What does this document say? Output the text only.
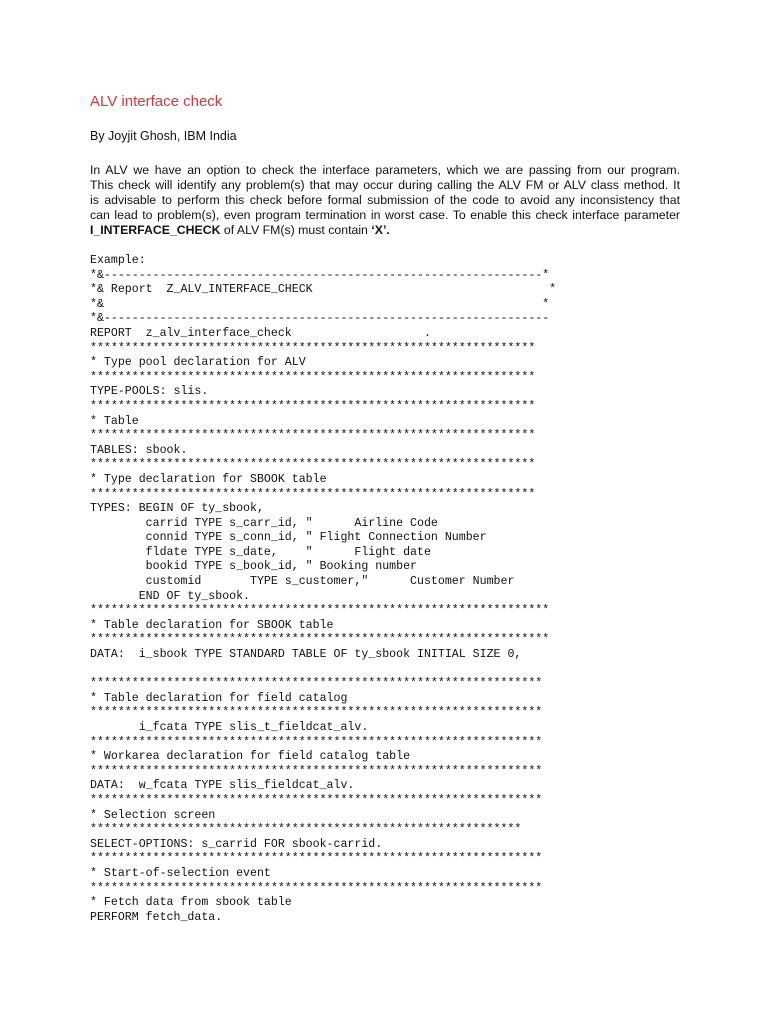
ALV interface check
By Joyjit Ghosh, IBM India
In ALV we have an option to check the interface parameters, which we are passing from our program.
This check will identify any problem(s) that may occur during calling the ALV FM or ALV class method. It
is advisable to perform this check before formal submission of the code to avoid any inconsistency that
can lead to problem(s), even program termination in worst case. To enable this check interface parameter
I_INTERFACE_CHECK of ALV FM(s) must contain ‘X’.
Example:
*&---------------------------------------------------------------*
*& Report  Z_ALV_INTERFACE_CHECK                                  *
*&                                                               *
*&----------------------------------------------------------------
REPORT  z_alv_interface_check                   .
****************************************************************
* Type pool declaration for ALV
****************************************************************
TYPE-POOLS: slis.
****************************************************************
* Table
****************************************************************
TABLES: sbook.
****************************************************************
* Type declaration for SBOOK table
****************************************************************
TYPES: BEGIN OF ty_sbook,
carrid TYPE s_carr_id, "      Airline Code
connid TYPE s_conn_id, " Flight Connection Number
fldate TYPE s_date,    "      Flight date
bookid TYPE s_book_id, " Booking number
customid       TYPE s_customer,"      Customer Number
END OF ty_sbook.
******************************************************************
* Table declaration for SBOOK table
******************************************************************
DATA:  i_sbook TYPE STANDARD TABLE OF ty_sbook INITIAL SIZE 0,
*****************************************************************
* Table declaration for field catalog
*****************************************************************
i_fcata TYPE slis_t_fieldcat_alv.
*****************************************************************
* Workarea declaration for field catalog table
*****************************************************************
DATA:  w_fcata TYPE slis_fieldcat_alv.
*****************************************************************
* Selection screen
**************************************************************
SELECT-OPTIONS: s_carrid FOR sbook-carrid.
*****************************************************************
* Start-of-selection event
*****************************************************************
* Fetch data from sbook table
PERFORM fetch_data.
